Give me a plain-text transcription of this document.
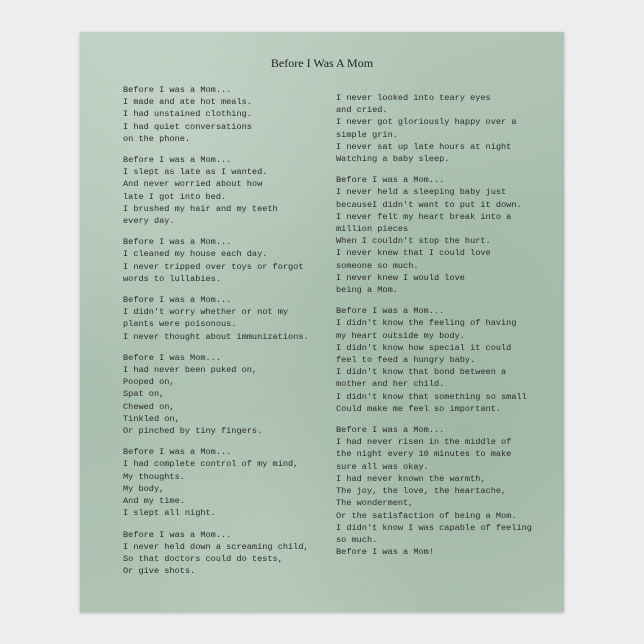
Before I Was A Mom
Before I was a Mom...
I made and ate hot meals.
I had unstained clothing.
I had quiet conversations
on the phone.
Before I was a Mom...
I slept as late as I wanted.
And never worried about how
late I got into bed.
I brushed my hair and my teeth
every day.
Before I was a Mom...
I cleaned my house each day.
I never tripped over toys or forgot
words to lullabies.
Before I was a Mom...
I didn't worry whether or not my
plants were poisonous.
I never thought about immunizations.
Before I was Mom...
I had never been puked on,
Pooped on,
Spat on,
Chewed on,
Tinkled on,
Or pinched by tiny fingers.
Before I was a Mom...
I had complete control of my mind,
My thoughts.
My body,
And my time.
I slept all night.
Before I was a Mom...
I never held down a screaming child,
So that doctors could do tests,
Or give shots.
I never looked into teary eyes
and cried.
I never got gloriously happy over a
simple grin.
I never sat up late hours at night
Watching a baby sleep.
Before I was a Mom...
I never held a sleeping baby just
becauseI didn't want to put it down.
I never felt my heart break into a
million pieces
When I couldn't stop the hurt.
I never knew that I could love
someone so much.
I never knew I would love
being a Mom.
Before I was a Mom...
I didn't know the feeling of having
my heart outside my body.
I didn't know how special it could
feel to feed a hungry baby.
I didn't know that bond between a
mother and her child.
I didn't know that something so small
Could make me feel so important.
Before I was a Mom...
I had never risen in the middle of
the night every 10 minutes to make
sure all was okay.
I had never known the warmth,
The joy, the love, the heartache,
The wonderment,
Or the satisfaction of being a Mom.
I didn't know I was capable of feeling
so much.
Before I was a Mom!
